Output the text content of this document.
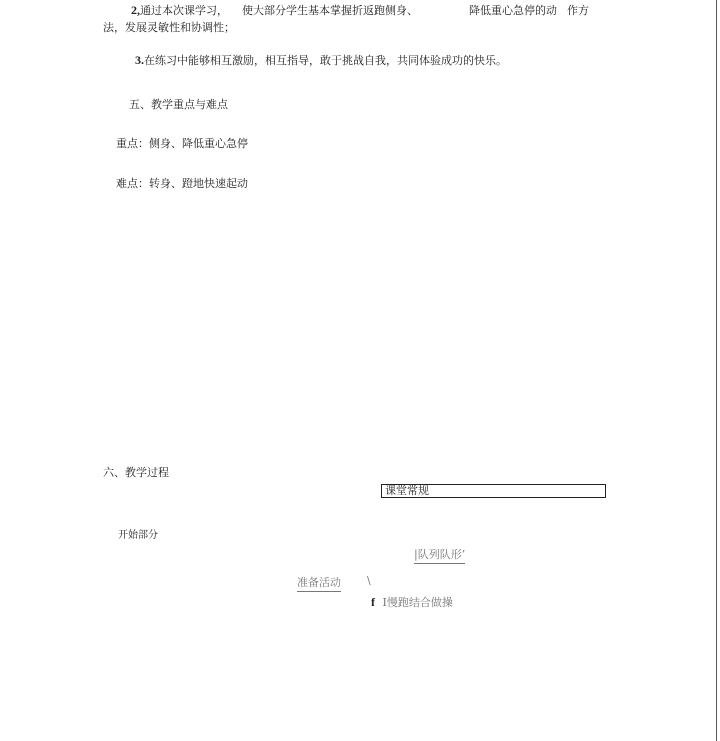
2,通过本次课学习， 使大部分学生基本掌握折返跑侧身、	降低重心急停的动 作方
法，发展灵敏性和协调性；
3.在练习中能够相互激励，相互指导，敢于挑战自我，共同体验成功的快乐。
五、教学重点与难点
重点：侧身、降低重心急停
难点：转身、蹬地快速起动
六、教学过程
课堂常规
开始部分
|队列队形’
准备活动 \
f I慢跑结合做操
